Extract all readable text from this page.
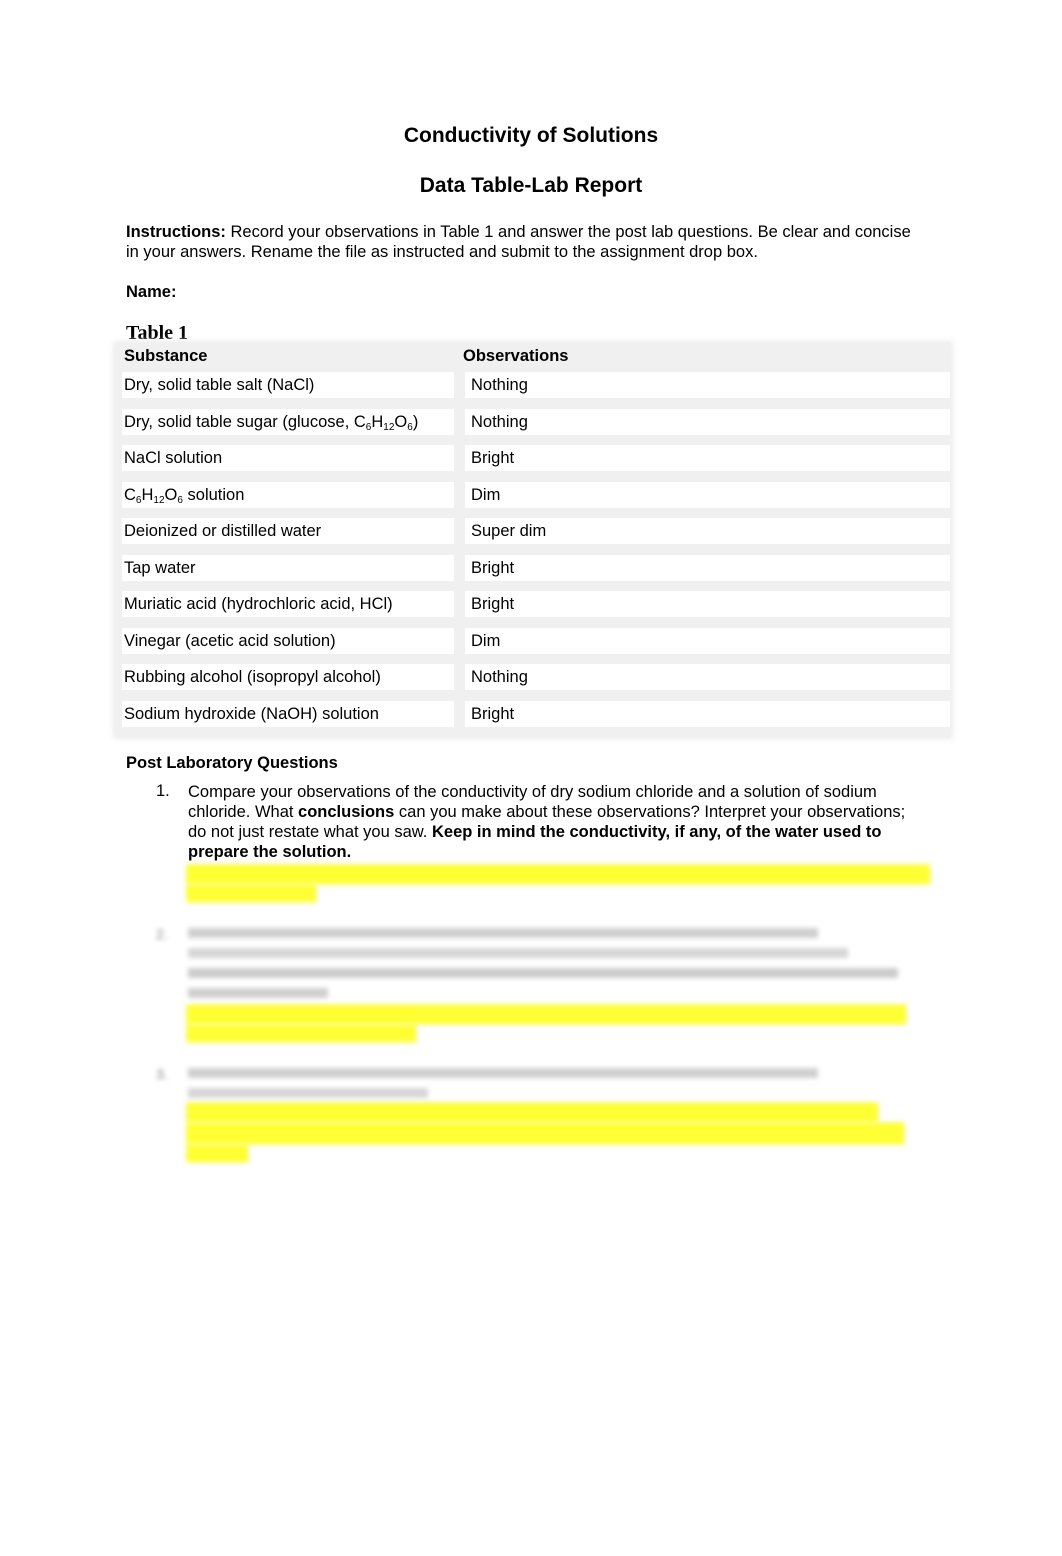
Conductivity of Solutions
Data Table-Lab Report

Instructions: Record your observations in Table 1 and answer the post lab questions. Be clear and concise in your answers. Rename the file as instructed and submit to the assignment drop box.

Name:
Table 1
Substance	Observations
Dry, solid table salt (NaCl)	Nothing
Dry, solid table sugar (glucose, $C_6H_{12}O_6$)	Nothing
NaCl solution	Bright
$C_6H_{12}O_6$ solution	Dim
Deionized or distilled water	Super dim
Tap water	Bright
Muriatic acid (hydrochloric acid, HCl)	Bright
Vinegar (acetic acid solution)	Dim
Rubbing alcohol (isopropyl alcohol)	Nothing
Sodium hydroxide (NaOH) solution	Bright
Post Laboratory Questions
1. Compare your observations of the conductivity of dry sodium chloride and a solution of sodium chloride. What conclusions can you make about these observations? Interpret your observations; do not just restate what you saw. Keep in mind the conductivity, if any, of the water used to prepare the solution.
2.
3.
